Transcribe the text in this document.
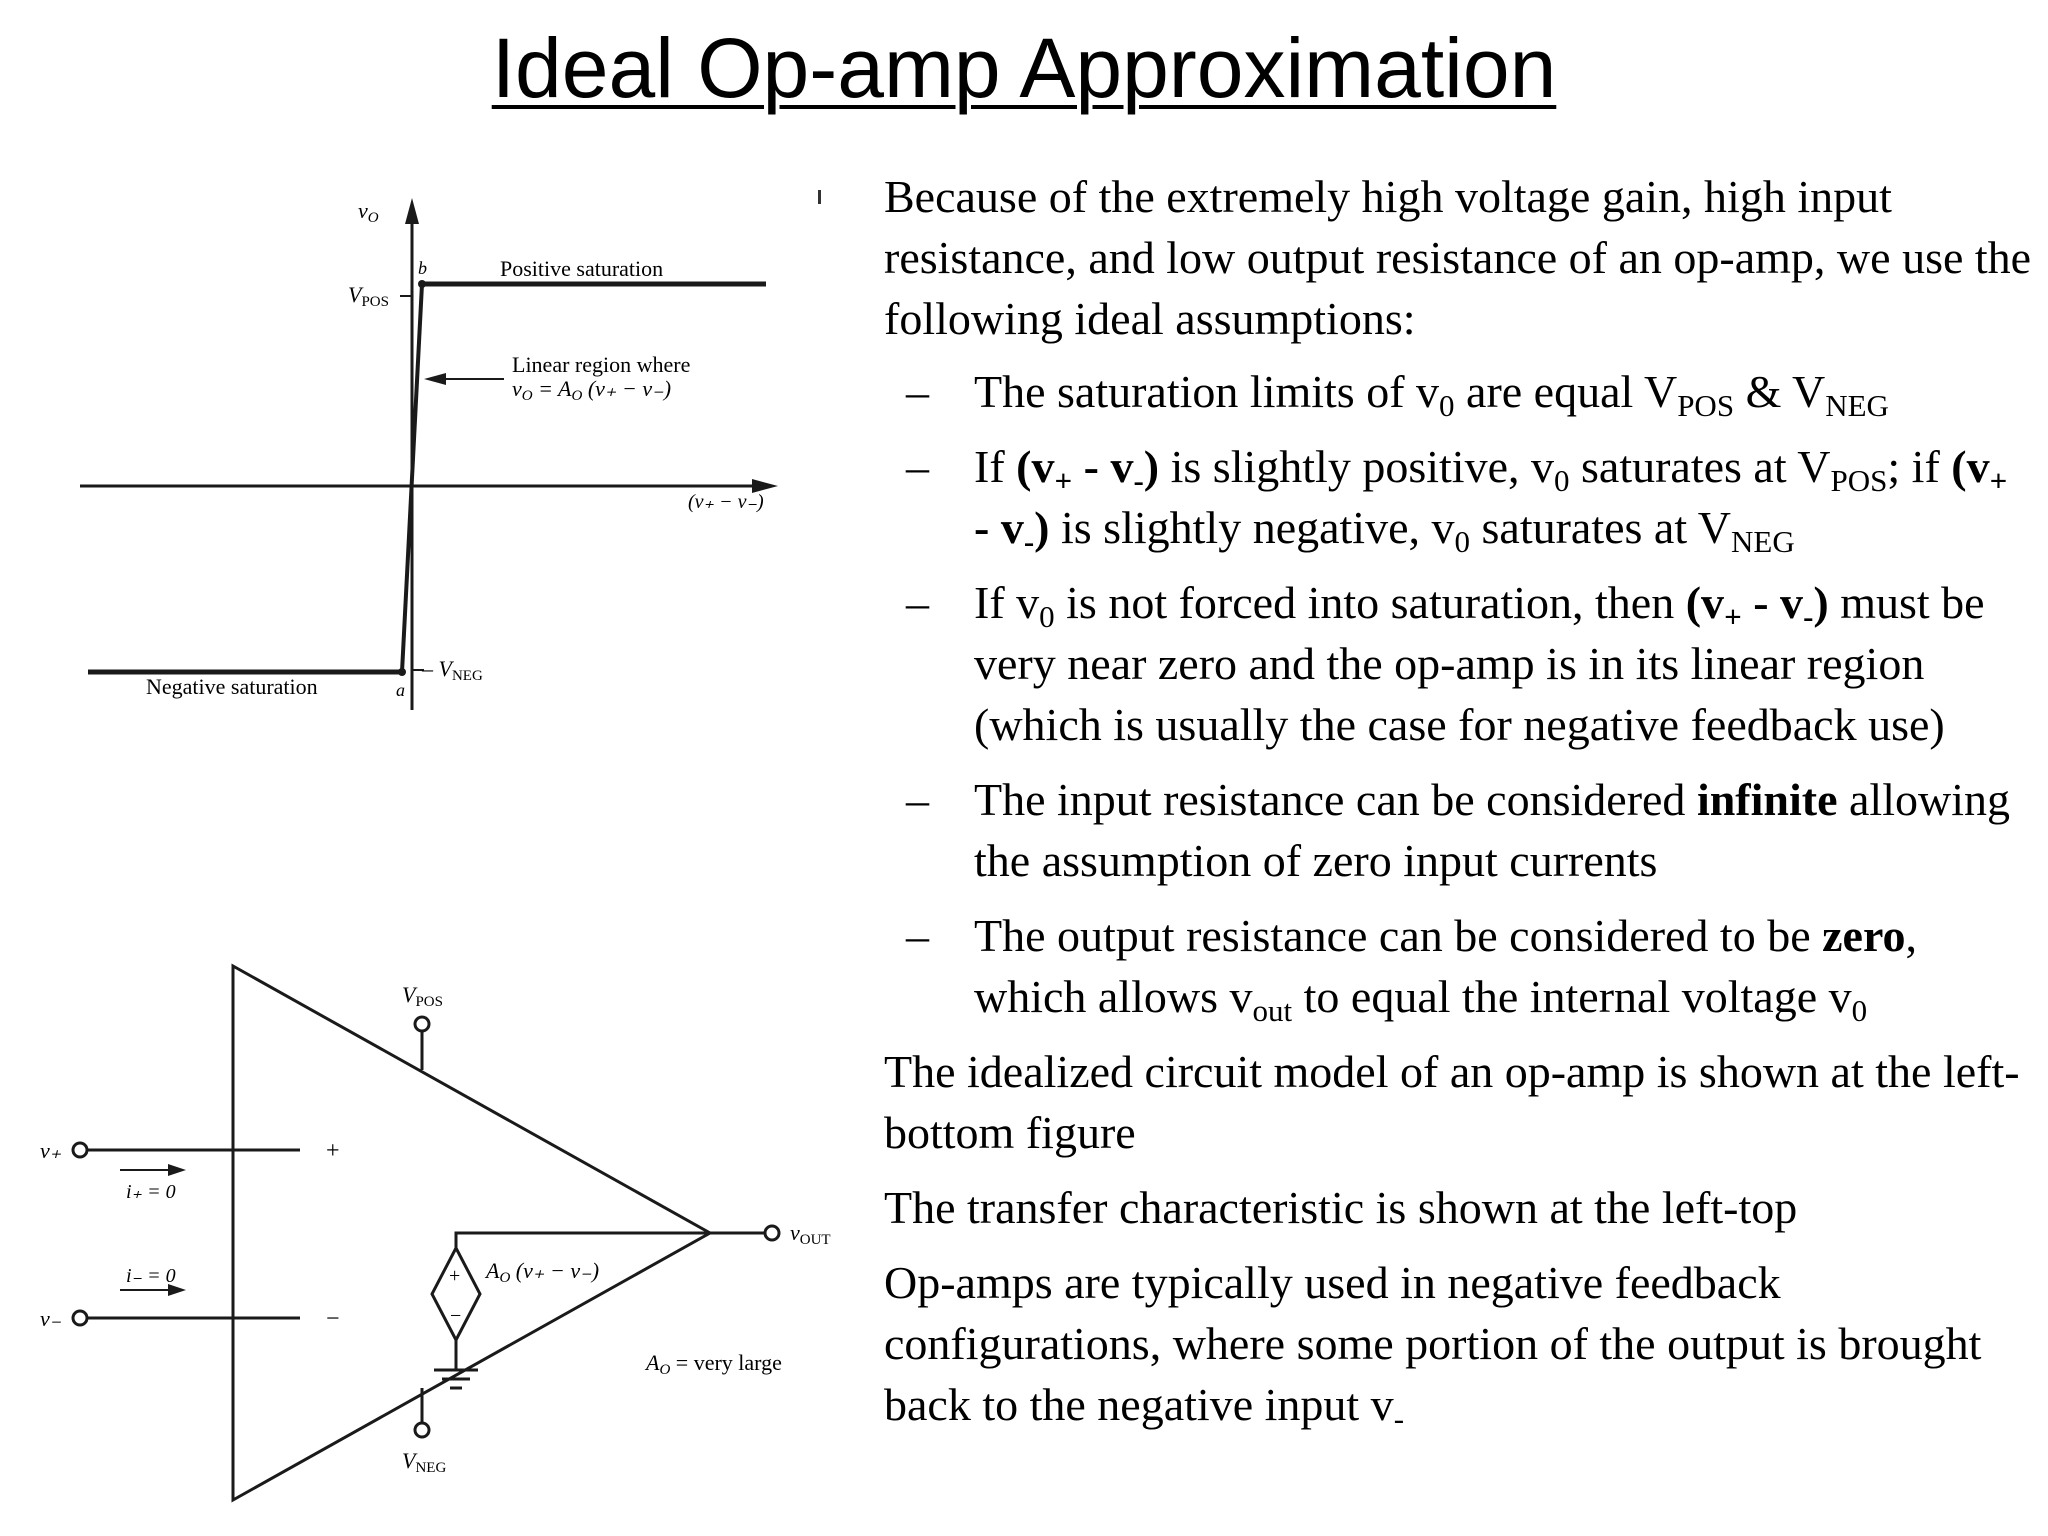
Ideal Op-amp Approximation
vO
VPOS
b	Positive saturation
Linear region where
vO = AO (v₊ − v₋)
(v₊ − v₋)
– VNEG
a
Negative saturation
v₊
v₋
i₊ = 0
i₋ = 0
+
−
VPOS
VNEG
vOUT
+
−
AO (v₊ − v₋)
AO = very large

Because of the extremely high voltage gain, high input resistance, and low output resistance of an op-amp, we use the following ideal assumptions:

– The saturation limits of $v_0$ are equal $V_{POS}$ & $V_{NEG}$

– If $(v_+ - v_-)$ is slightly positive, $v_0$ saturates at $V_{POS}$; if $(v_+ - v_-)$ is slightly negative, $v_0$ saturates at $V_{NEG}$

– If $v_0$ is not forced into saturation, then $(v_+ - v_-)$ must be very near zero and the op-amp is in its linear region (which is usually the case for negative feedback use)

– The input resistance can be considered infinite allowing the assumption of zero input currents

– The output resistance can be considered to be zero, which allows $v_{out}$ to equal the internal voltage $v_0$

The idealized circuit model of an op-amp is shown at the left-bottom figure

The transfer characteristic is shown at the left-top

Op-amps are typically used in negative feedback configurations, where some portion of the output is brought back to the negative input $v_-$
